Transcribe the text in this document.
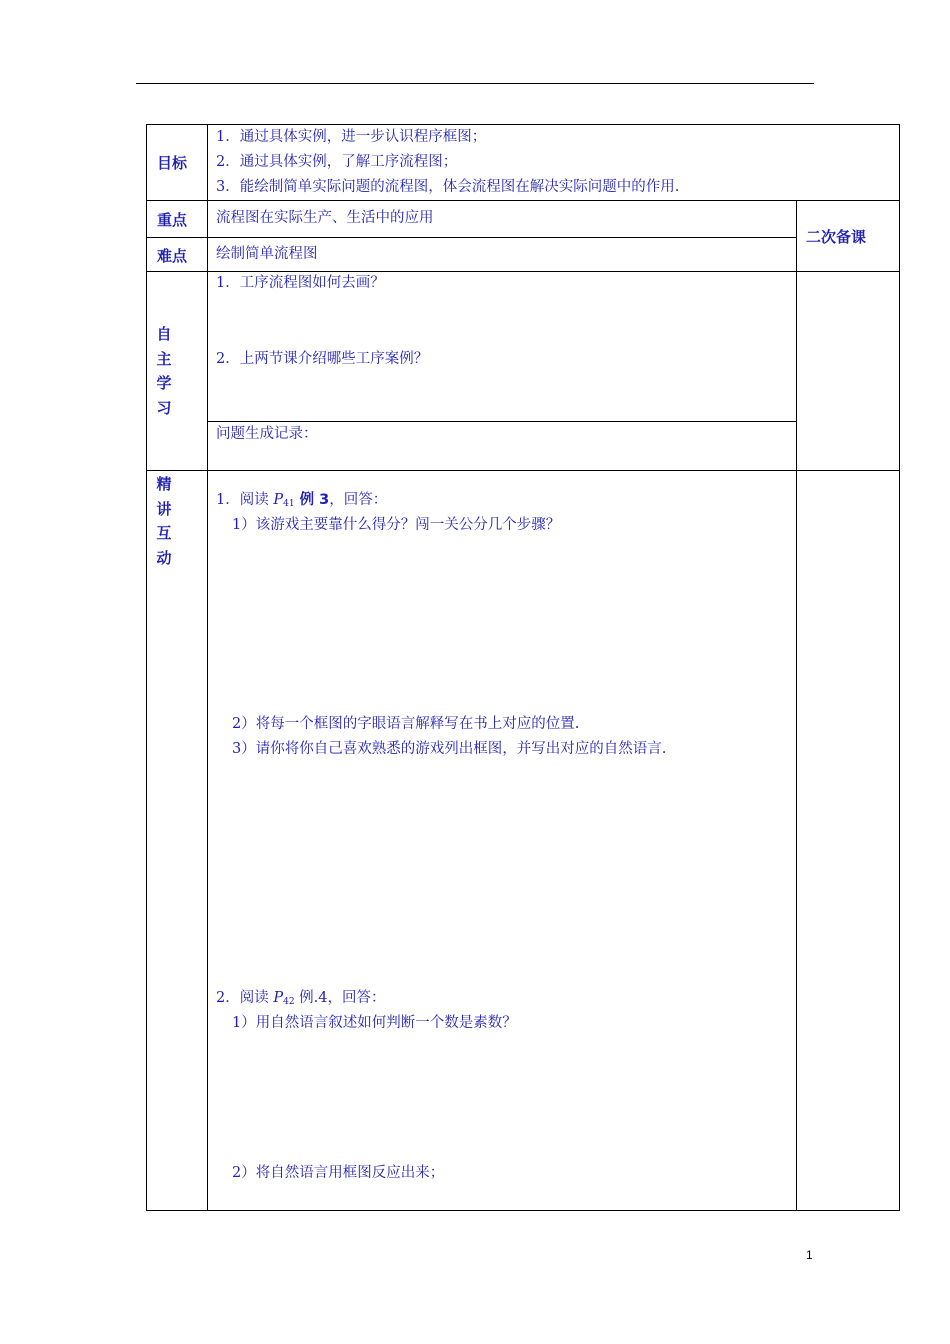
目标
1．通过具体实例，进一步认识程序框图；
2．通过具体实例，了解工序流程图；
3．能绘制简单实际问题的流程图，体会流程图在解决实际问题中的作用.
重点 流程图在实际生产、生活中的应用
二次备课
难点 绘制简单流程图
自主学习
1．工序流程图如何去画？
2．上两节课介绍哪些工序案例？
问题生成记录：
精讲互动
1．阅读 $P_{41}$ 例 3，回答：
1）该游戏主要靠什么得分？闯一关公分几个步骤？
2）将每一个框图的字眼语言解释写在书上对应的位置.
3）请你将你自己喜欢熟悉的游戏列出框图，并写出对应的自然语言.
2．阅读 $P_{42}$ 例.4，回答：
1）用自然语言叙述如何判断一个数是素数？
2）将自然语言用框图反应出来；
1
